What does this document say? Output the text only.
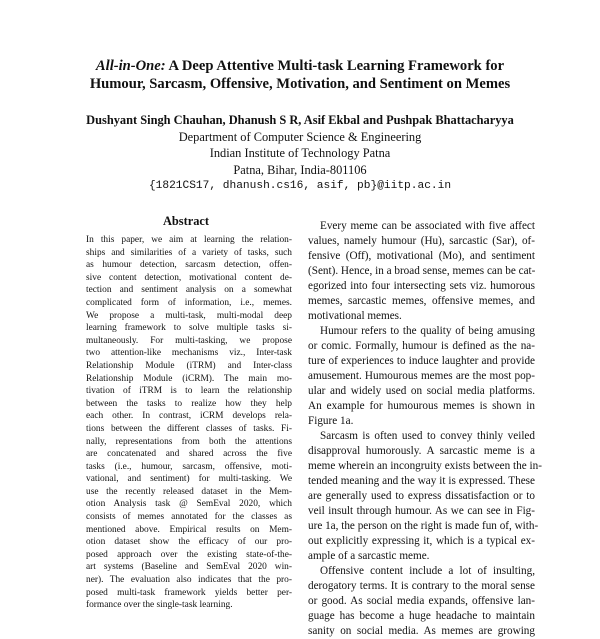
All-in-One: A Deep Attentive Multi-task Learning Framework for
Humour, Sarcasm, Offensive, Motivation, and Sentiment on Memes
Dushyant Singh Chauhan, Dhanush S R, Asif Ekbal and Pushpak Bhattacharyya
Department of Computer Science & Engineering
Indian Institute of Technology Patna
Patna, Bihar, India-801106
{1821CS17, dhanush.cs16, asif, pb}@iitp.ac.in
Abstract
In this paper, we aim at learning the relation-
ships and similarities of a variety of tasks, such
as humour detection, sarcasm detection, offen-
sive content detection, motivational content de-
tection and sentiment analysis on a somewhat
complicated form of information, i.e., memes.
We propose a multi-task, multi-modal deep
learning framework to solve multiple tasks si-
multaneously. For multi-tasking, we propose
two attention-like mechanisms viz., Inter-task
Relationship Module (iTRM) and Inter-class
Relationship Module (iCRM). The main mo-
tivation of iTRM is to learn the relationship
between the tasks to realize how they help
each other. In contrast, iCRM develops rela-
tions between the different classes of tasks. Fi-
nally, representations from both the attentions
are concatenated and shared across the five
tasks (i.e., humour, sarcasm, offensive, moti-
vational, and sentiment) for multi-tasking. We
use the recently released dataset in the Mem-
otion Analysis task @ SemEval 2020, which
consists of memes annotated for the classes as
mentioned above. Empirical results on Mem-
otion dataset show the efficacy of our pro-
posed approach over the existing state-of-the-
art systems (Baseline and SemEval 2020 win-
ner). The evaluation also indicates that the pro-
posed multi-task framework yields better per-
formance over the single-task learning.
Every meme can be associated with five affect
values, namely humour (Hu), sarcastic (Sar), of-
fensive (Off), motivational (Mo), and sentiment
(Sent). Hence, in a broad sense, memes can be cat-
egorized into four intersecting sets viz. humorous
memes, sarcastic memes, offensive memes, and
motivational memes.
Humour refers to the quality of being amusing
or comic. Formally, humour is defined as the na-
ture of experiences to induce laughter and provide
amusement. Humourous memes are the most pop-
ular and widely used on social media platforms.
An example for humourous memes is shown in
Figure 1a.
Sarcasm is often used to convey thinly veiled
disapproval humorously. A sarcastic meme is a
meme wherein an incongruity exists between the in-
tended meaning and the way it is expressed. These
are generally used to express dissatisfaction or to
veil insult through humour. As we can see in Fig-
ure 1a, the person on the right is made fun of, with-
out explicitly expressing it, which is a typical ex-
ample of a sarcastic meme.
Offensive content include a lot of insulting,
derogatory terms. It is contrary to the moral sense
or good. As social media expands, offensive lan-
guage has become a huge headache to maintain
sanity on social media. As memes are growing
